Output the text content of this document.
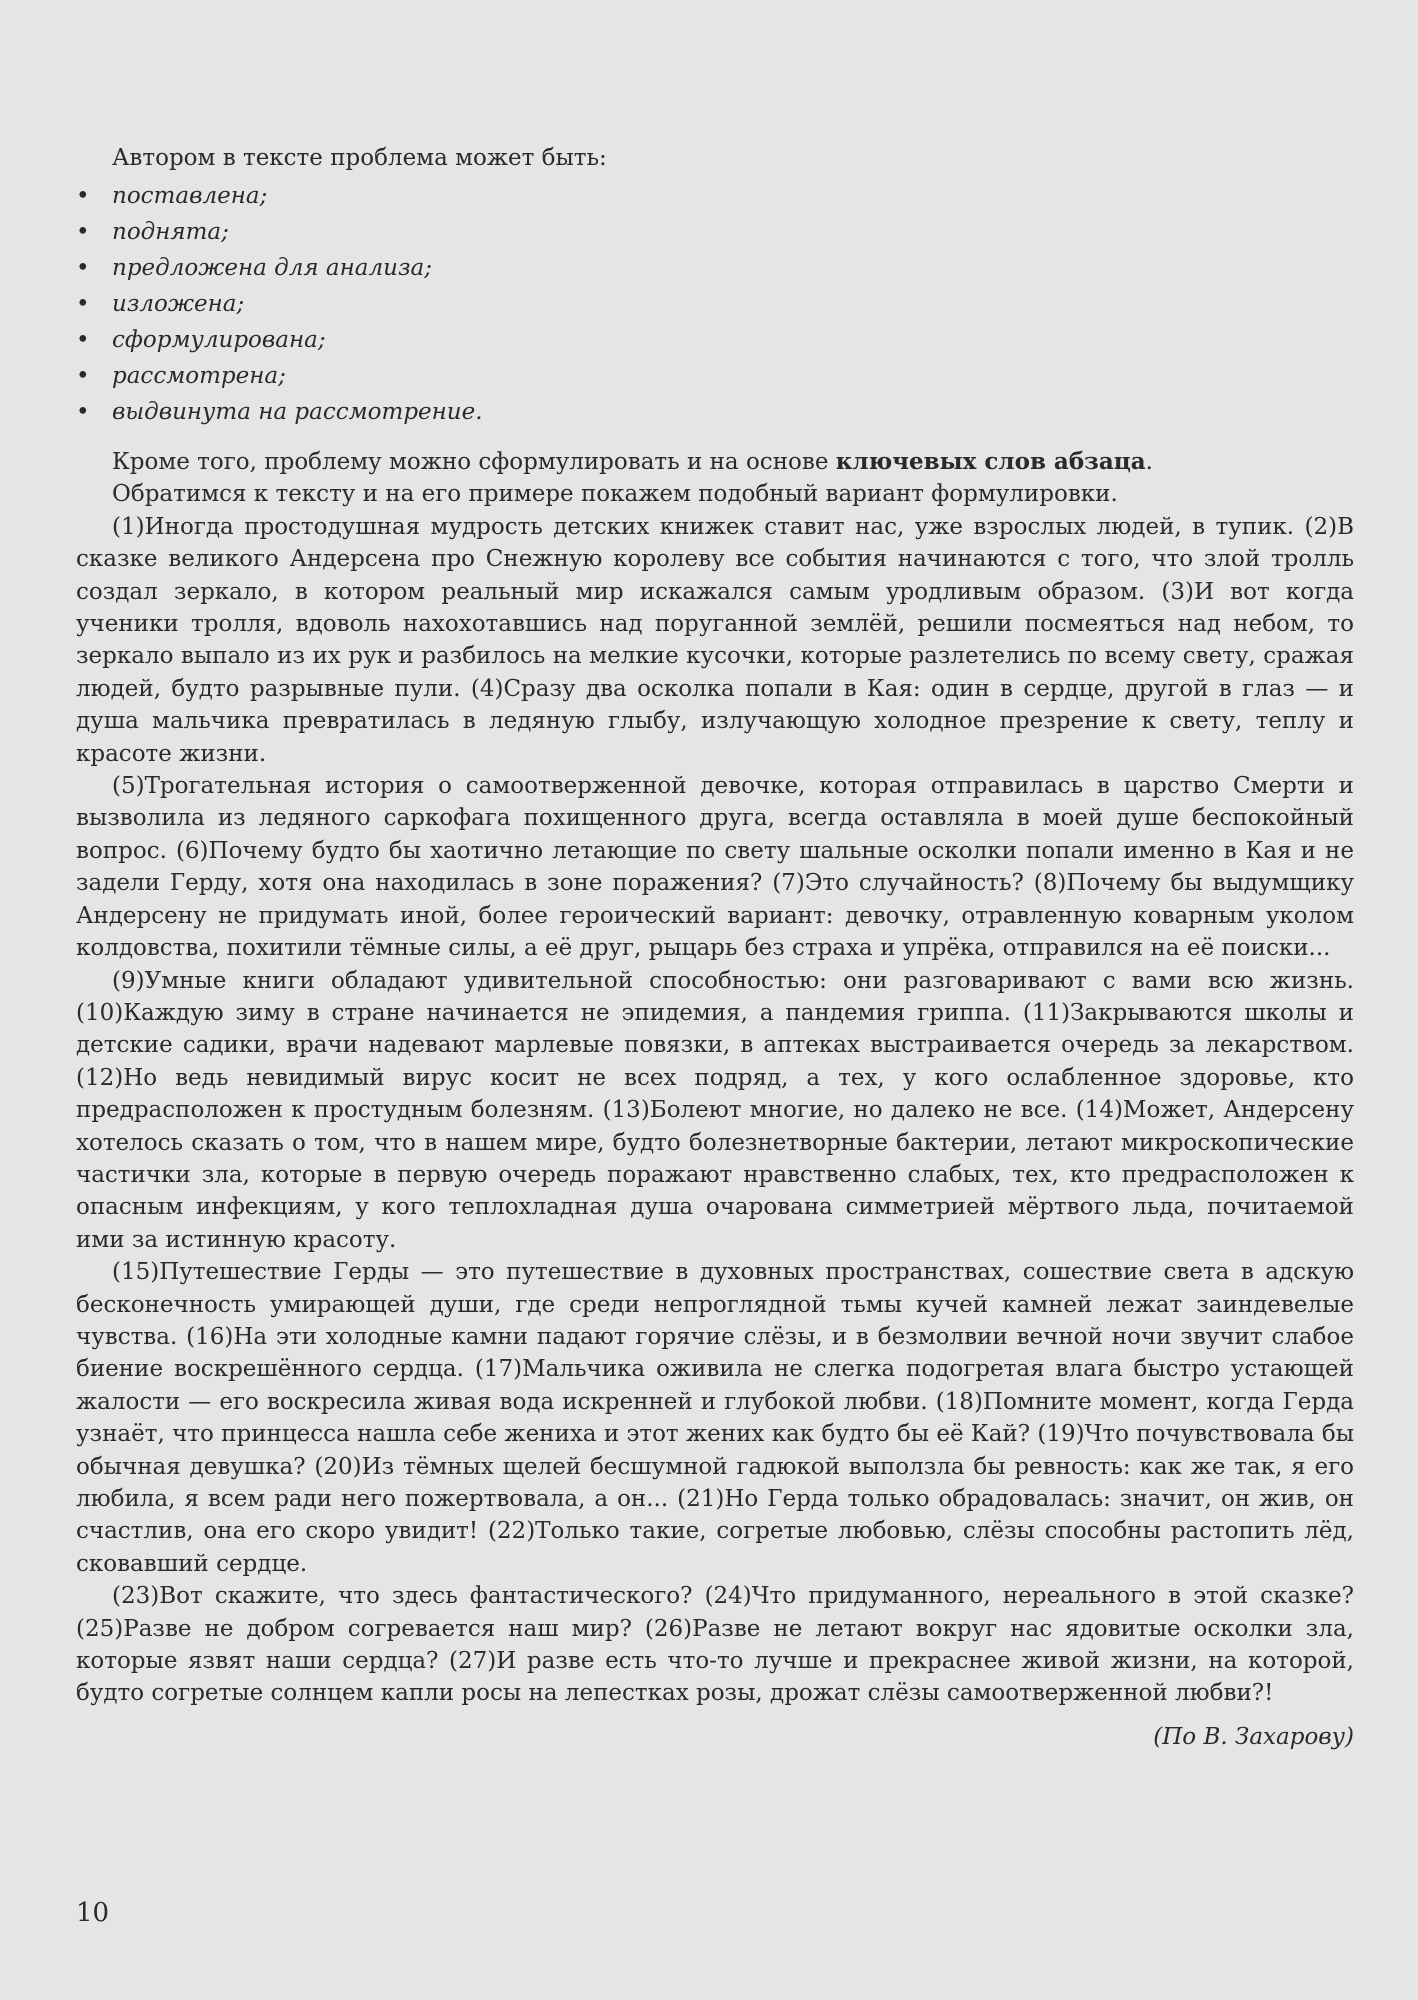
Автором в тексте проблема может быть:
• поставлена;
• поднята;
• предложена для анализа;
• изложена;
• сформулирована;
• рассмотрена;
• выдвинута на рассмотрение.

Кроме того, проблему можно сформулировать и на основе ключевых слов абзаца.

Обратимся к тексту и на его примере покажем подобный вариант формулировки.

(1)Иногда простодушная мудрость детских книжек ставит нас, уже взрослых людей, в тупик. (2)В сказке великого Андерсена про Снежную королеву все события начинаются с того, что злой тролль создал зеркало, в котором реальный мир искажался самым уродливым образом. (3)И вот когда ученики тролля, вдоволь нахохотавшись над поруганной землёй, решили посмеяться над небом, то зеркало выпало из их рук и разбилось на мелкие кусочки, которые разлетелись по всему свету, сражая людей, будто разрывные пули. (4)Сразу два осколка попали в Кая: один в сердце, другой в глаз — и душа мальчика превратилась в ледяную глыбу, излучающую холодное презрение к свету, теплу и красоте жизни.

(5)Трогательная история о самоотверженной девочке, которая отправилась в царство Смерти и вызволила из ледяного саркофага похищенного друга, всегда оставляла в моей душе беспокойный вопрос. (6)Почему будто бы хаотично летающие по свету шальные осколки попали именно в Кая и не задели Герду, хотя она находилась в зоне поражения? (7)Это случайность? (8)Почему бы выдумщику Андерсену не придумать иной, более героический вариант: девочку, отравленную коварным уколом колдовства, похитили тёмные силы, а её друг, рыцарь без страха и упрёка, отправился на её поиски...

(9)Умные книги обладают удивительной способностью: они разговаривают с вами всю жизнь. (10)Каждую зиму в стране начинается не эпидемия, а пандемия гриппа. (11)Закрываются школы и детские садики, врачи надевают марлевые повязки, в аптеках выстраивается очередь за лекарством. (12)Но ведь невидимый вирус косит не всех подряд, а тех, у кого ослабленное здоровье, кто предрасположен к простудным болезням. (13)Болеют многие, но далеко не все. (14)Может, Андерсену хотелось сказать о том, что в нашем мире, будто болезнетворные бактерии, летают микроскопические частички зла, которые в первую очередь поражают нравственно слабых, тех, кто предрасположен к опасным инфекциям, у кого теплохладная душа очарована симметрией мёртвого льда, почитаемой ими за истинную красоту.

(15)Путешествие Герды — это путешествие в духовных пространствах, сошествие света в адскую бесконечность умирающей души, где среди непроглядной тьмы кучей камней лежат заиндевелые чувства. (16)На эти холодные камни падают горячие слёзы, и в безмолвии вечной ночи звучит слабое биение воскрешённого сердца. (17)Мальчика оживила не слегка подогретая влага быстро устающей жалости — его воскресила живая вода искренней и глубокой любви. (18)Помните момент, когда Герда узнаёт, что принцесса нашла себе жениха и этот жених как будто бы её Кай? (19)Что почувствовала бы обычная девушка? (20)Из тёмных щелей бесшумной гадюкой выползла бы ревность: как же так, я его любила, я всем ради него пожертвовала, а он... (21)Но Герда только обрадовалась: значит, он жив, он счастлив, она его скоро увидит! (22)Только такие, согретые любовью, слёзы способны растопить лёд, сковавший сердце.

(23)Вот скажите, что здесь фантастического? (24)Что придуманного, нереального в этой сказке? (25)Разве не добром согревается наш мир? (26)Разве не летают вокруг нас ядовитые осколки зла, которые язвят наши сердца? (27)И разве есть что-то лучше и прекраснее живой жизни, на которой, будто согретые солнцем капли росы на лепестках розы, дрожат слёзы самоотверженной любви?!

(По В. Захарову)
10
